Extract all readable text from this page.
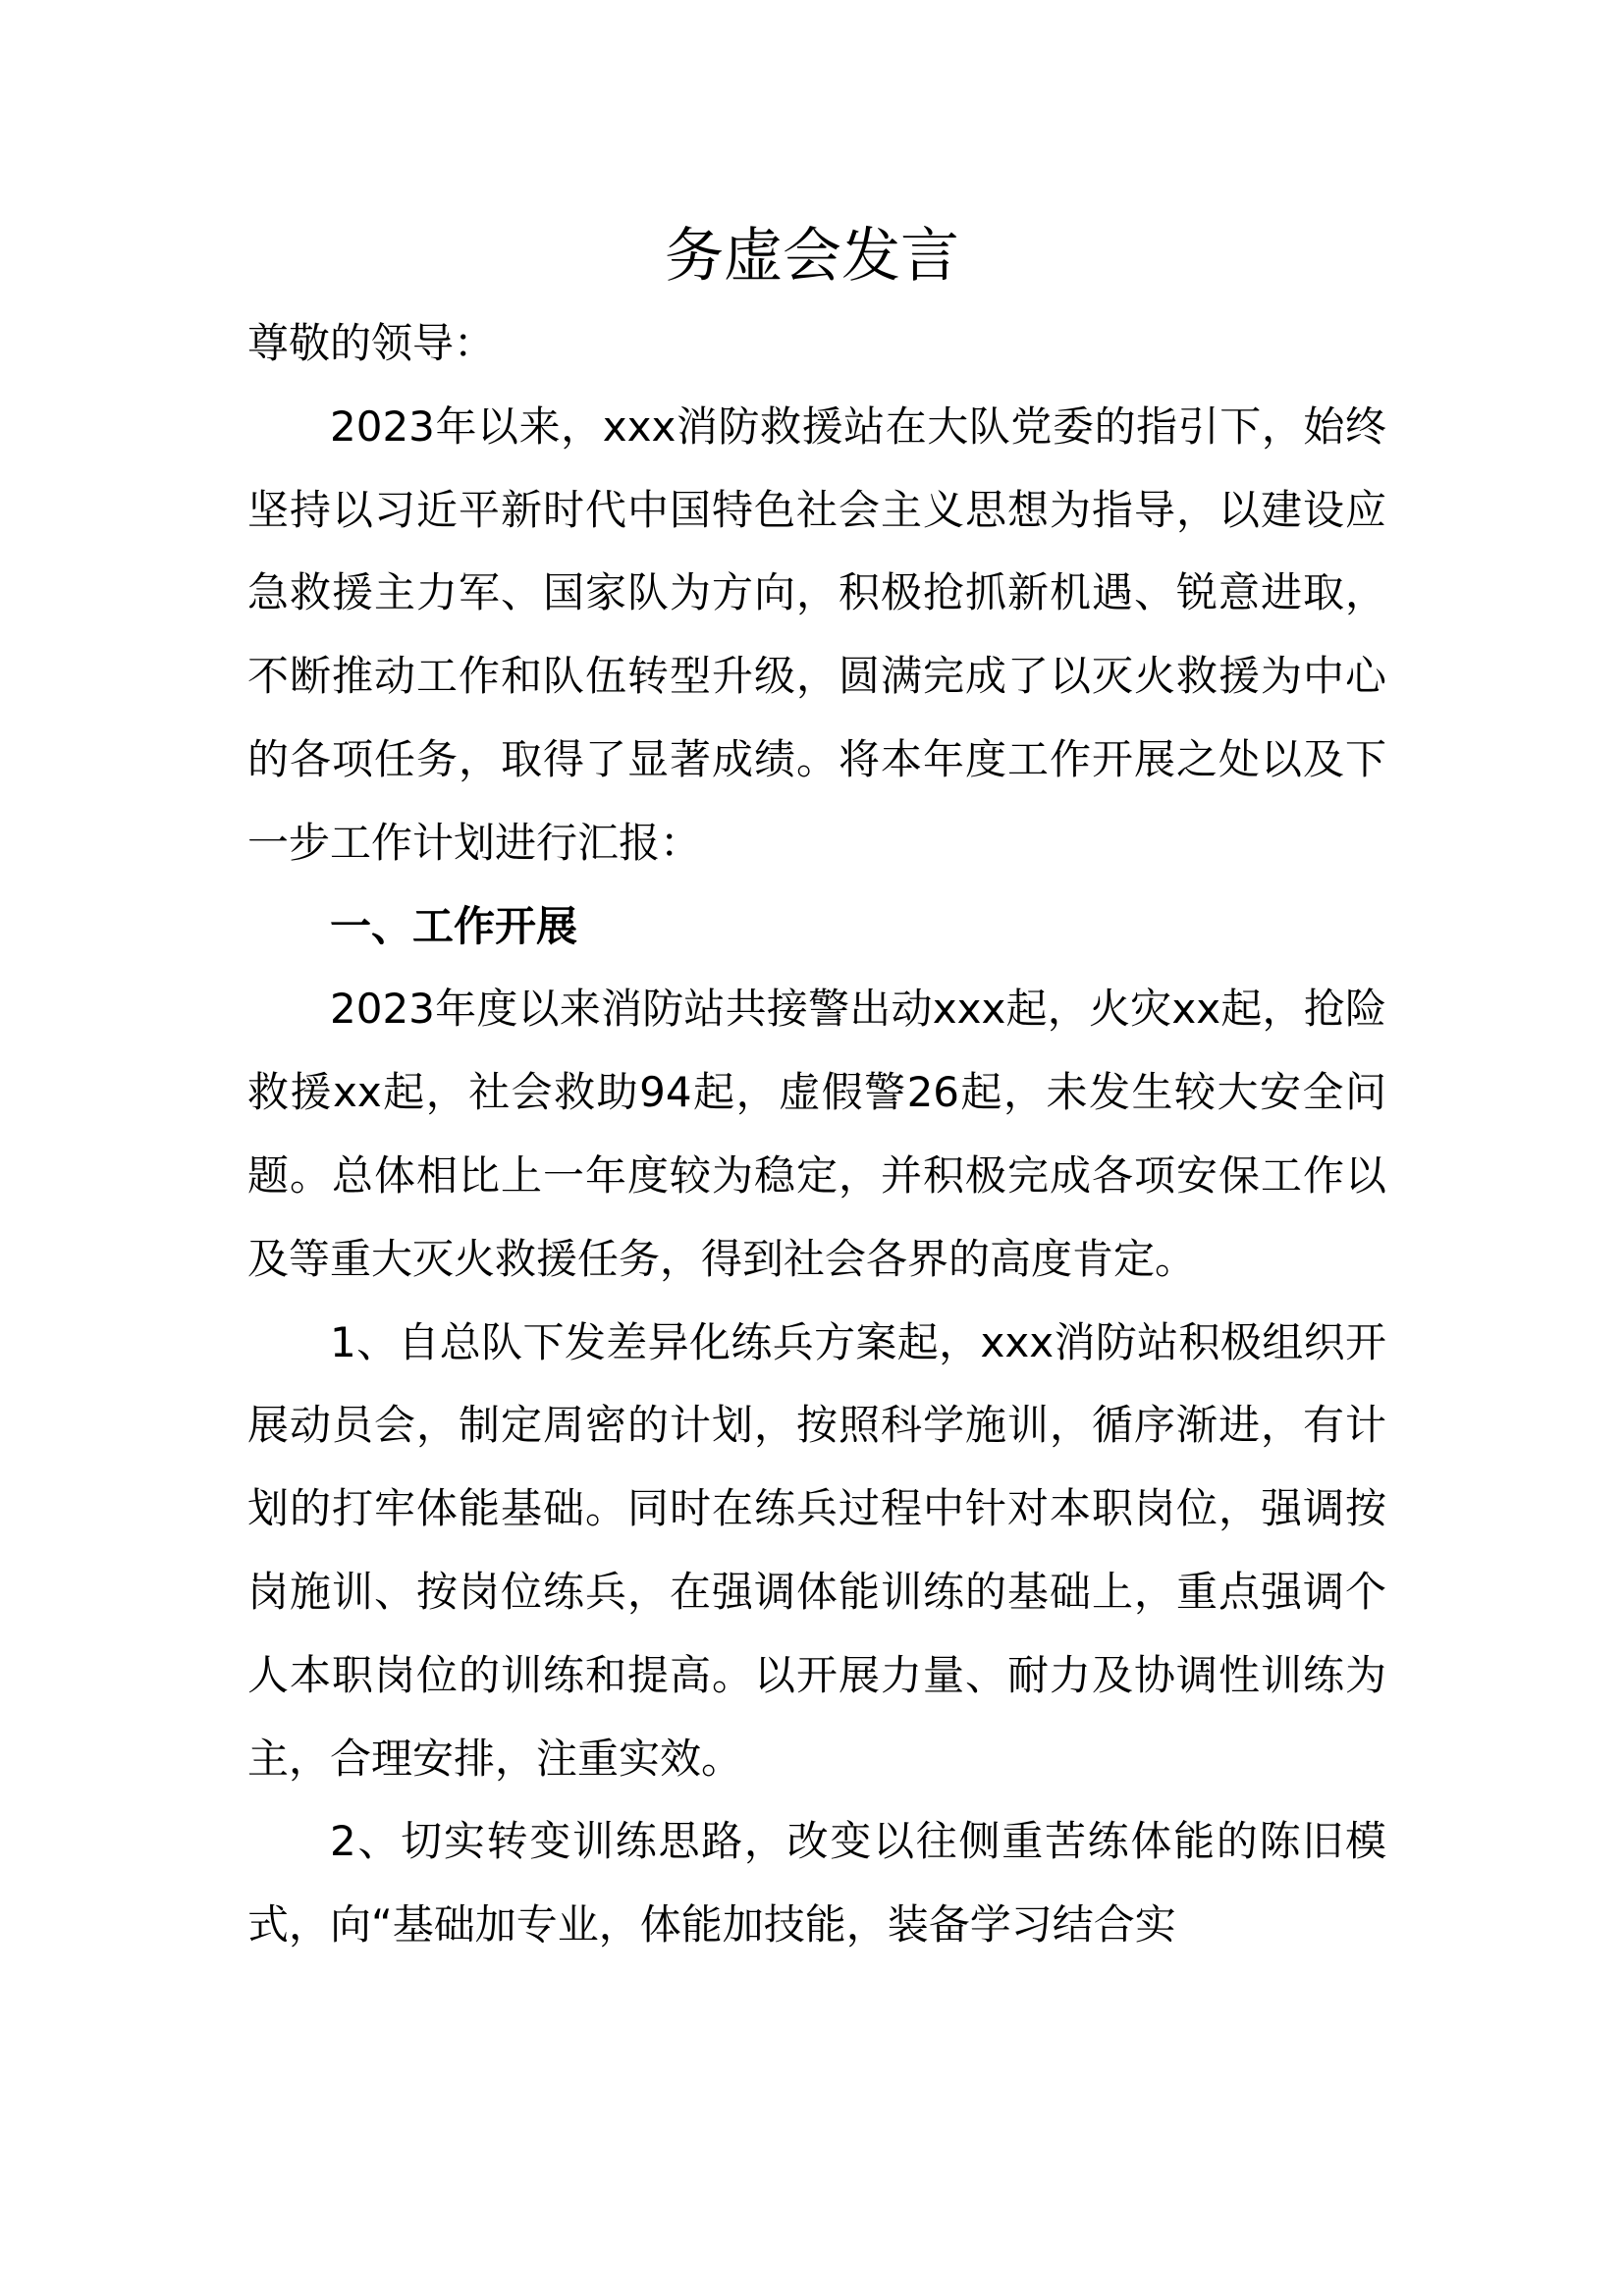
务虚会发言

尊敬的领导：

2023年以来，xxx消防救援站在大队党委的指引下，始终坚持以习近平新时代中国特色社会主义思想为指导，以建设应急救援主力军、国家队为方向，积极抢抓新机遇、锐意进取，不断推动工作和队伍转型升级，圆满完成了以灭火救援为中心的各项任务，取得了显著成绩。将本年度工作开展之处以及下一步工作计划进行汇报：

一、工作开展

2023年度以来消防站共接警出动xxx起，火灾xx起，抢险救援xx起，社会救助94起，虚假警26起，未发生较大安全问题。总体相比上一年度较为稳定，并积极完成各项安保工作以及等重大灭火救援任务，得到社会各界的高度肯定。

1、自总队下发差异化练兵方案起，xxx消防站积极组织开展动员会，制定周密的计划，按照科学施训，循序渐进，有计划的打牢体能基础。同时在练兵过程中针对本职岗位，强调按岗施训、按岗位练兵，在强调体能训练的基础上，重点强调个人本职岗位的训练和提高。以开展力量、耐力及协调性训练为主，合理安排，注重实效。

2、切实转变训练思路，改变以往侧重苦练体能的陈旧模式，向“基础加专业，体能加技能，装备学习结合实
